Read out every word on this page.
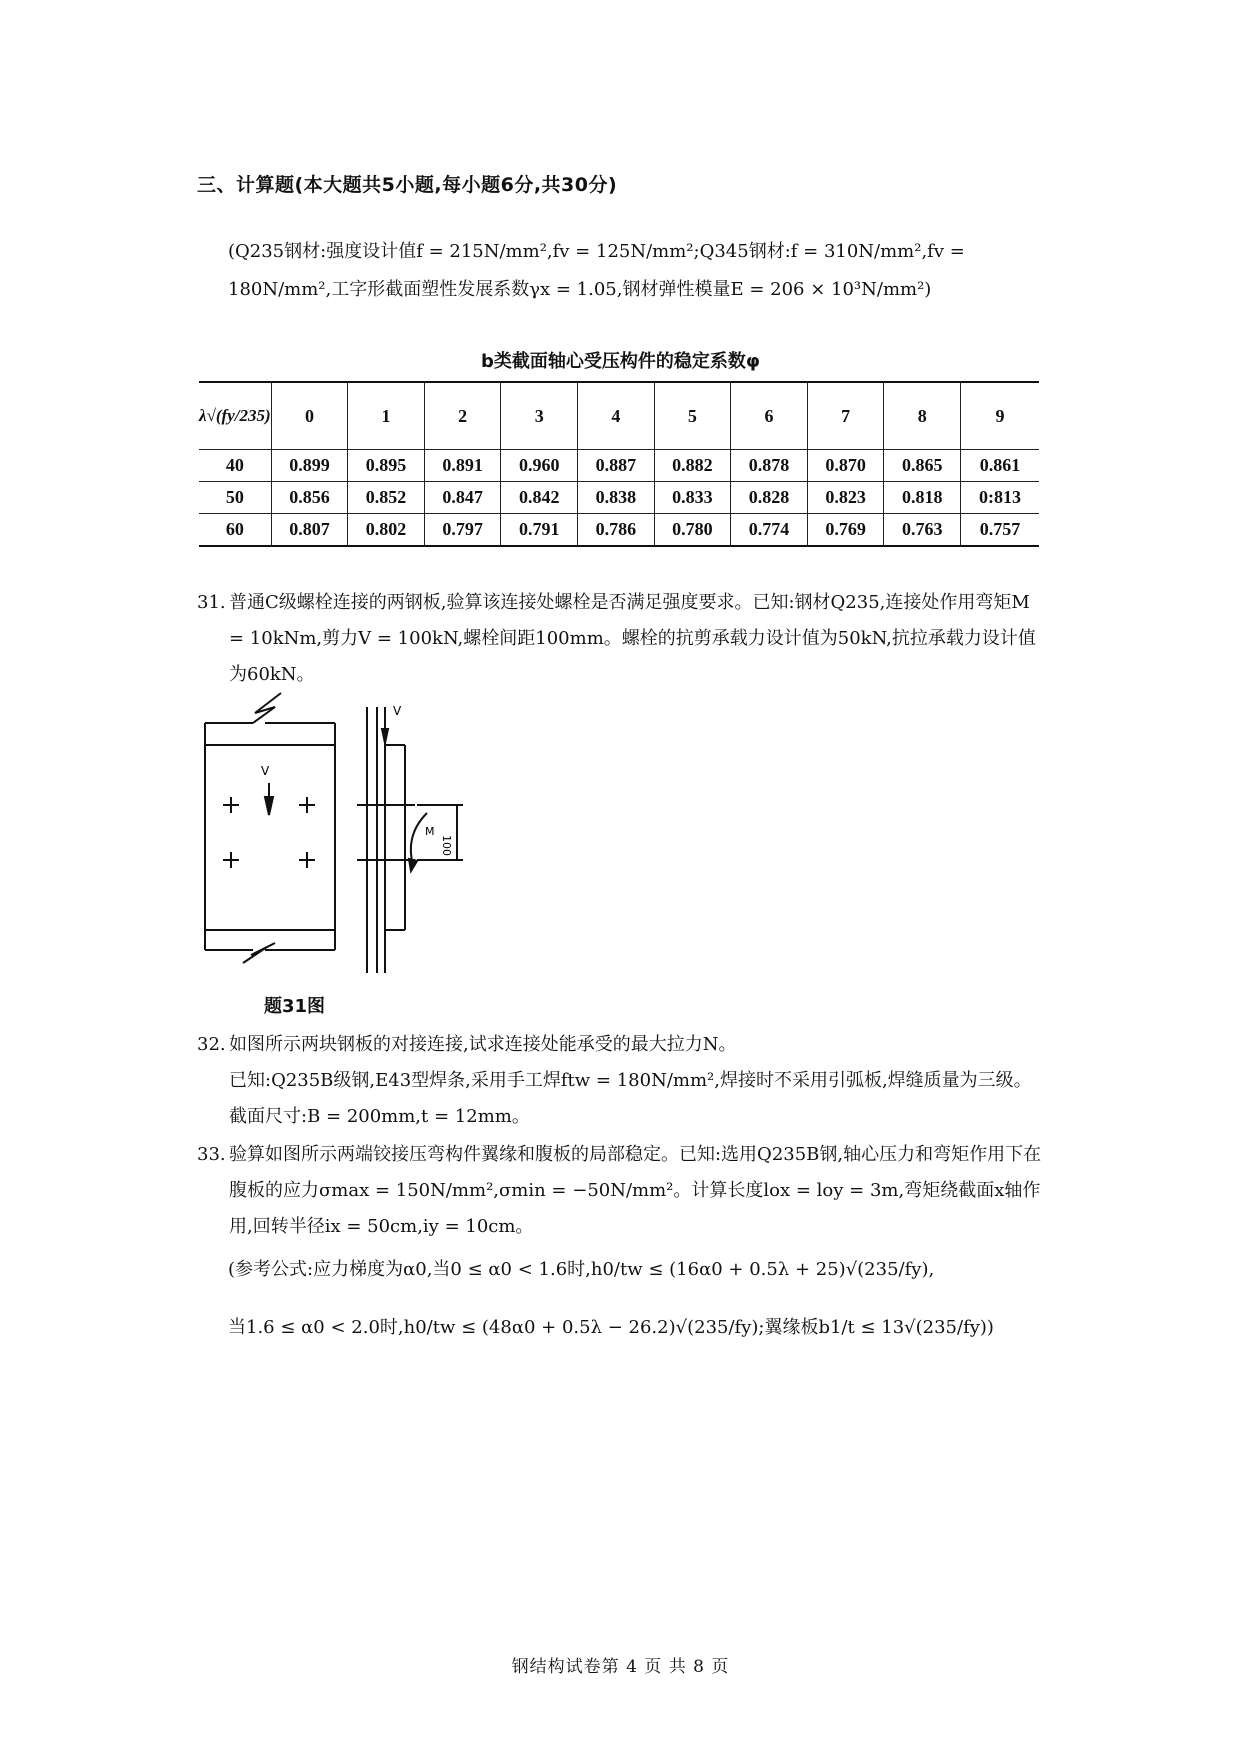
三、计算题(本大题共5小题,每小题6分,共30分)
(Q235钢材:强度设计值f = 215N/mm²,fv = 125N/mm²;Q345钢材:f = 310N/mm²,fv =
180N/mm²,工字形截面塑性发展系数γx = 1.05,钢材弹性模量E = 206 × 10³N/mm²)
b类截面轴心受压构件的稳定系数φ
λ√(fy/235)	0	1	2	3	4	5	6	7	8	9
40	0.899	0.895	0.891	0.960	0.887	0.882	0.878	0.870	0.865	0.861
50	0.856	0.852	0.847	0.842	0.838	0.833	0.828	0.823	0.818	0:813
60	0.807	0.802	0.797	0.791	0.786	0.780	0.774	0.769	0.763	0.757
31. 普通C级螺栓连接的两钢板,验算该连接处螺栓是否满足强度要求。已知:钢材Q235,连接处作用弯矩M = 10kNm,剪力V = 100kN,螺栓间距100mm。螺栓的抗剪承载力设计值为50kN,抗拉承载力设计值为60kN。
V
V
M
100
题31图
32. 如图所示两块钢板的对接连接,试求连接处能承受的最大拉力N。
已知:Q235B级钢,E43型焊条,采用手工焊ftw = 180N/mm²,焊接时不采用引弧板,焊缝质量为三级。截面尺寸:B = 200mm,t = 12mm。
33. 验算如图所示两端铰接压弯构件翼缘和腹板的局部稳定。已知:选用Q235B钢,轴心压力和弯矩作用下在腹板的应力σmax = 150N/mm²,σmin = −50N/mm²。计算长度lox = loy = 3m,弯矩绕截面x轴作用,回转半径ix = 50cm,iy = 10cm。
(参考公式:应力梯度为α0,当0 ≤ α0 < 1.6时,h0/tw ≤ (16α0 + 0.5λ + 25)√(235/fy),
当1.6 ≤ α0 < 2.0时,h0/tw ≤ (48α0 + 0.5λ − 26.2)√(235/fy);翼缘板b1/t ≤ 13√(235/fy))
钢结构试卷第 4 页 共 8 页
